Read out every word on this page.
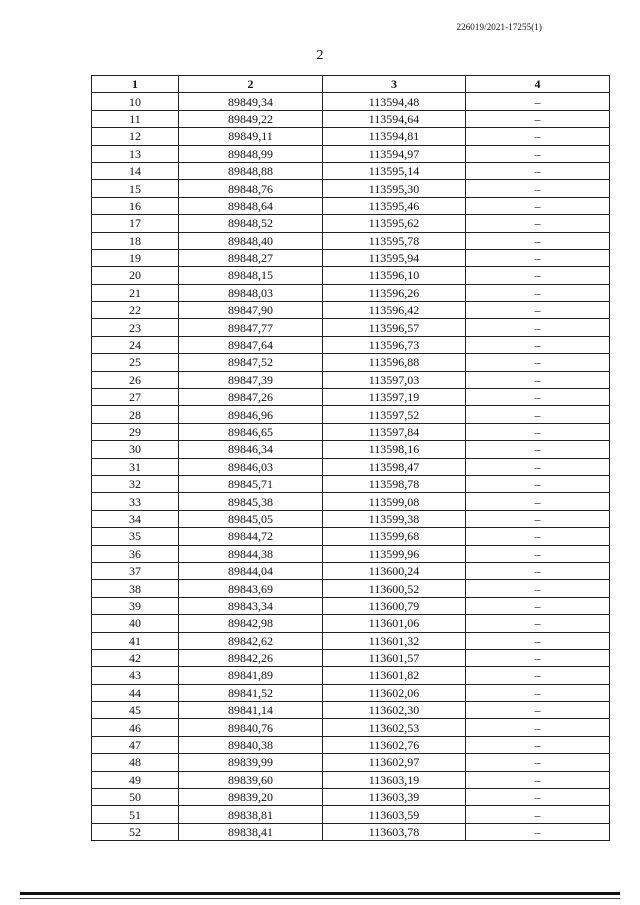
226019/2021-17255(1)
2
1	2	3	4
10	89849,34	113594,48	–
11	89849,22	113594,64	–
12	89849,11	113594,81	–
13	89848,99	113594,97	–
14	89848,88	113595,14	–
15	89848,76	113595,30	–
16	89848,64	113595,46	–
17	89848,52	113595,62	–
18	89848,40	113595,78	–
19	89848,27	113595,94	–
20	89848,15	113596,10	–
21	89848,03	113596,26	–
22	89847,90	113596,42	–
23	89847,77	113596,57	–
24	89847,64	113596,73	–
25	89847,52	113596,88	–
26	89847,39	113597,03	–
27	89847,26	113597,19	–
28	89846,96	113597,52	–
29	89846,65	113597,84	–
30	89846,34	113598,16	–
31	89846,03	113598,47	–
32	89845,71	113598,78	–
33	89845,38	113599,08	–
34	89845,05	113599,38	–
35	89844,72	113599,68	–
36	89844,38	113599,96	–
37	89844,04	113600,24	–
38	89843,69	113600,52	–
39	89843,34	113600,79	–
40	89842,98	113601,06	–
41	89842,62	113601,32	–
42	89842,26	113601,57	–
43	89841,89	113601,82	–
44	89841,52	113602,06	–
45	89841,14	113602,30	–
46	89840,76	113602,53	–
47	89840,38	113602,76	–
48	89839,99	113602,97	–
49	89839,60	113603,19	–
50	89839,20	113603,39	–
51	89838,81	113603,59	–
52	89838,41	113603,78	–
